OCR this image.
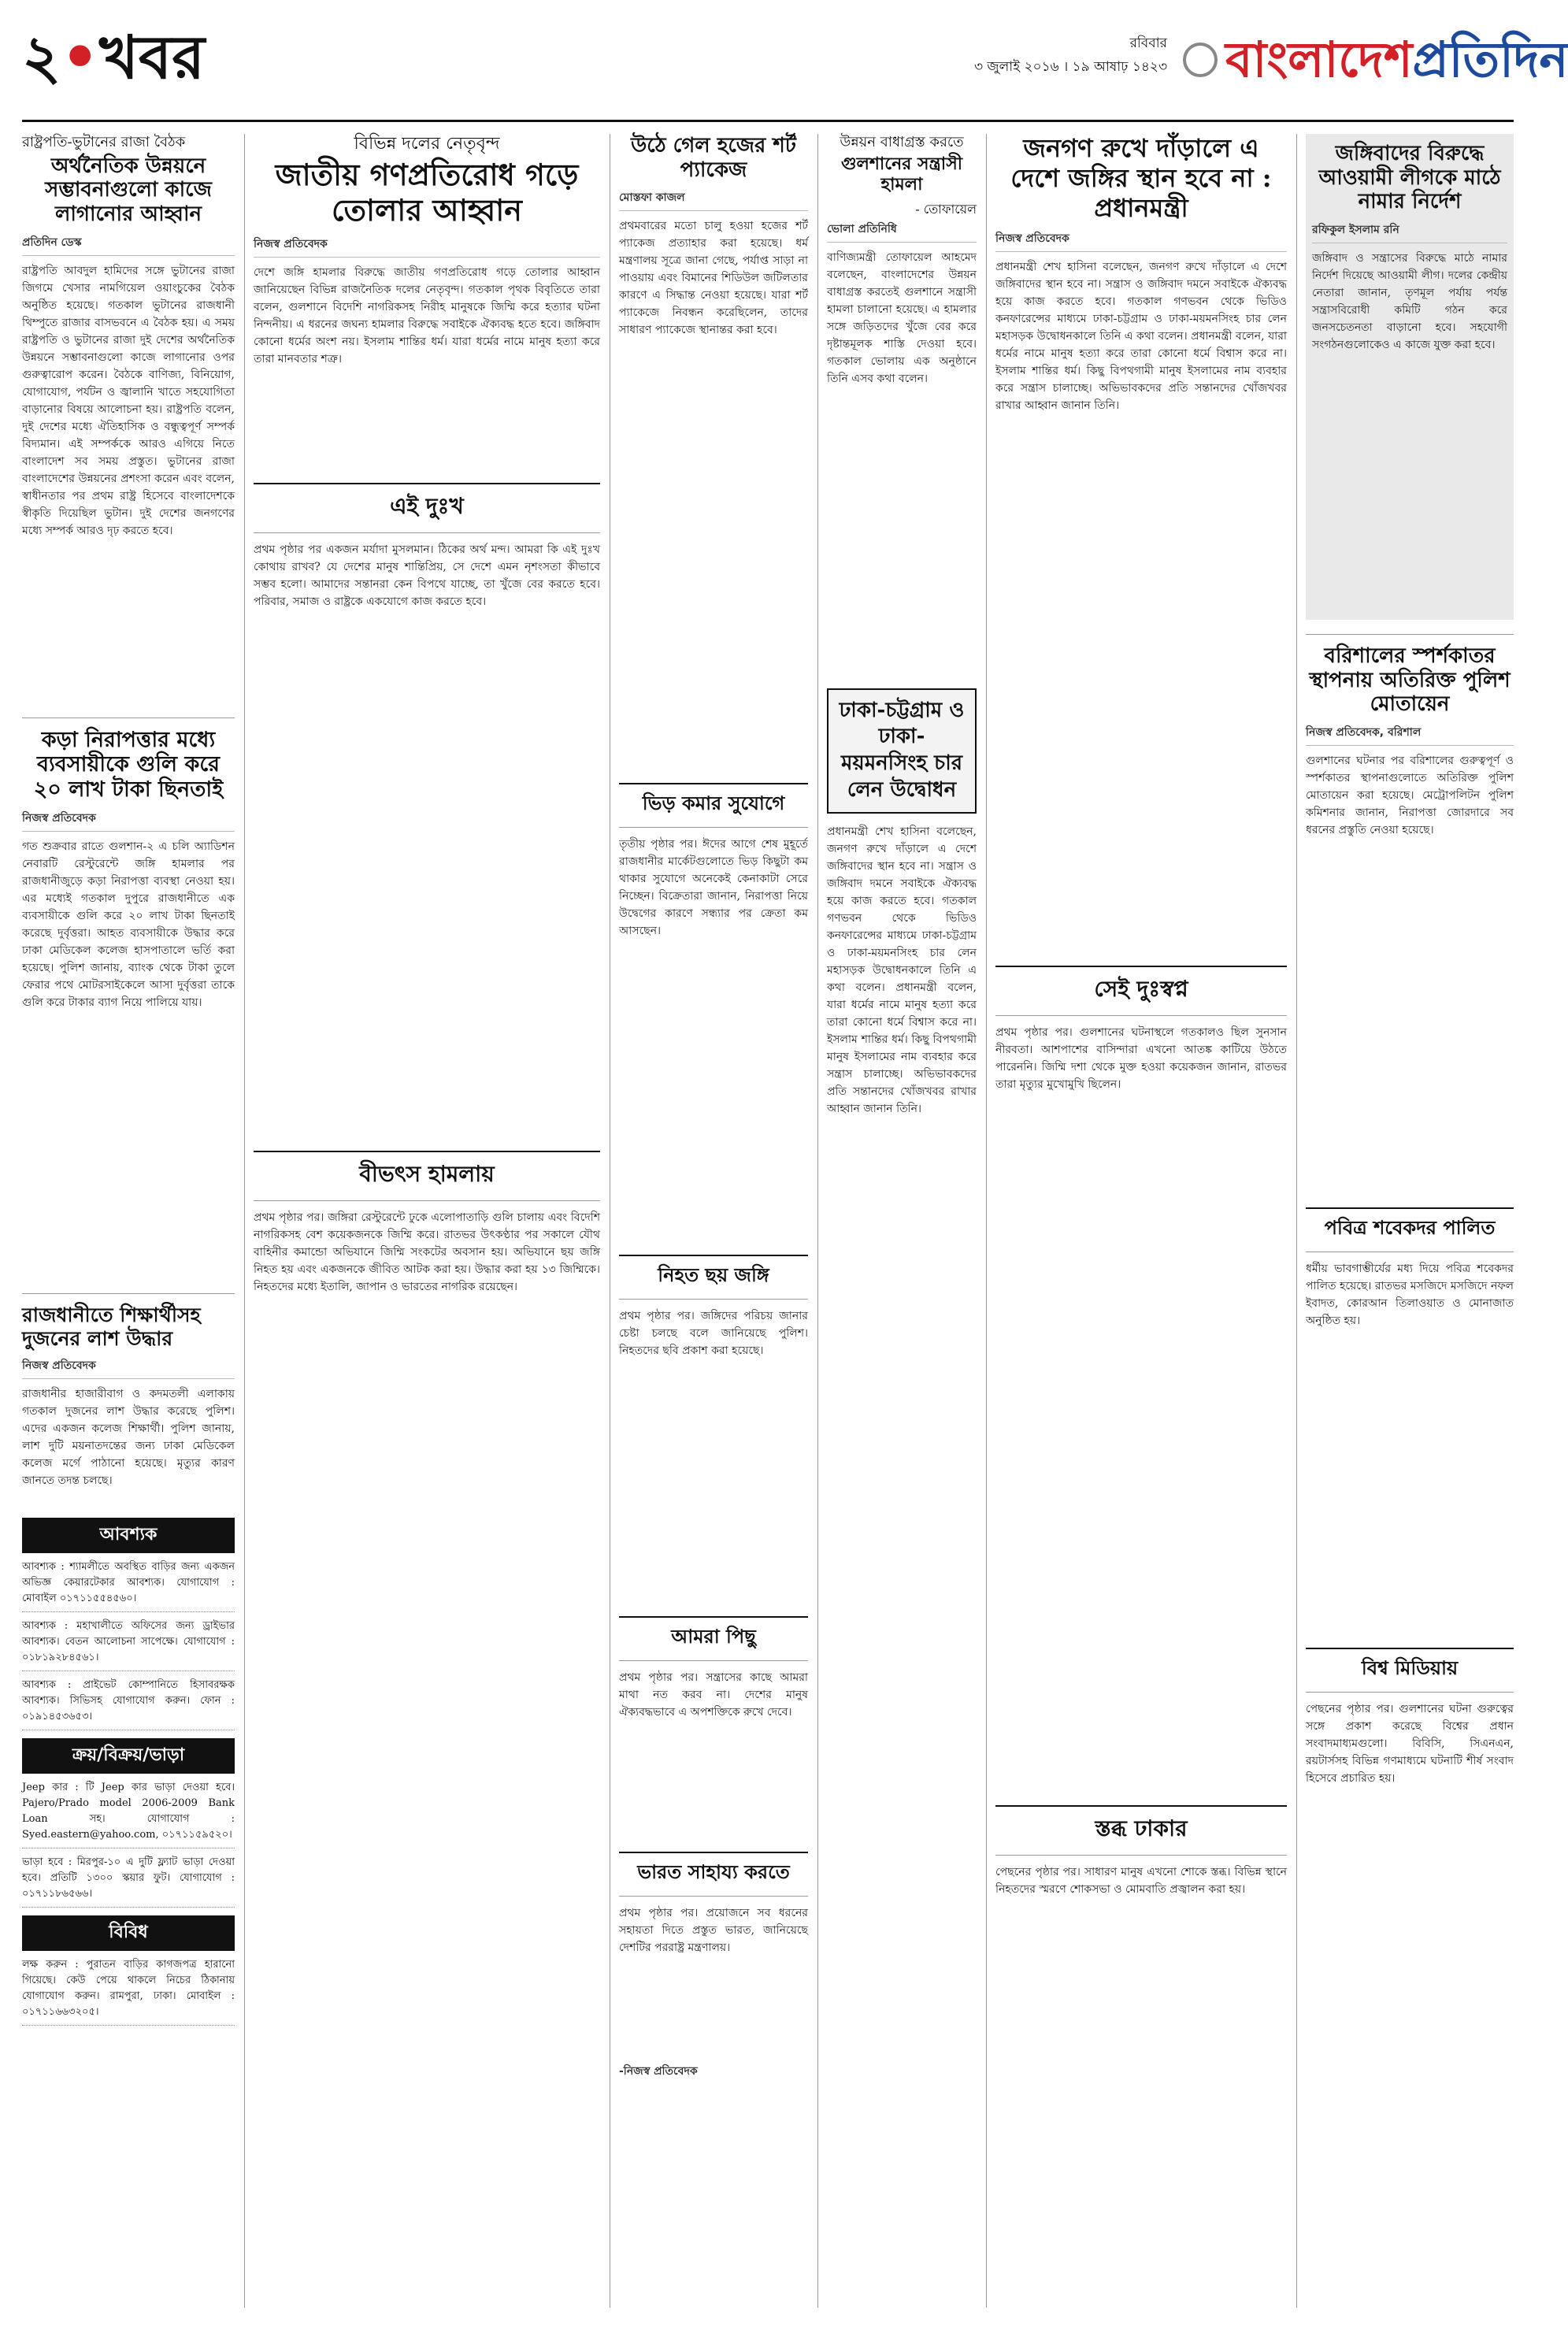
২•খবর	রবিবার
৩ জুলাই ২০১৬ । ১৯ আষাঢ় ১৪২৩ বাংলাদেশপ্রতিদিন
রাষ্ট্রপতি-ভুটানের রাজা বৈঠক
অর্থনৈতিক উন্নয়নে সম্ভাবনাগুলো কাজে লাগানোর আহ্বান
প্রতিদিন ডেস্ক
রাষ্ট্রপতি আবদুল হামিদের সঙ্গে ভুটানের রাজা জিগমে খেসার নামগিয়েল ওয়াংচুকের বৈঠক অনুষ্ঠিত হয়েছে। গতকাল ভুটানের রাজধানী থিম্পুতে রাজার বাসভবনে এ বৈঠক হয়। এ সময় রাষ্ট্রপতি ও ভুটানের রাজা দুই দেশের অর্থনৈতিক উন্নয়নে সম্ভাবনাগুলো কাজে লাগানোর ওপর গুরুত্বারোপ করেন। বৈঠকে বাণিজ্য, বিনিয়োগ, যোগাযোগ, পর্যটন ও জ্বালানি খাতে সহযোগিতা বাড়ানোর বিষয়ে আলোচনা হয়। রাষ্ট্রপতি বলেন, দুই দেশের মধ্যে ঐতিহাসিক ও বন্ধুত্বপূর্ণ সম্পর্ক বিদ্যমান। এই সম্পর্ককে আরও এগিয়ে নিতে বাংলাদেশ সব সময় প্রস্তুত। ভুটানের রাজা বাংলাদেশের উন্নয়নের প্রশংসা করেন এবং বলেন, স্বাধীনতার পর প্রথম রাষ্ট্র হিসেবে বাংলাদেশকে স্বীকৃতি দিয়েছিল ভুটান। দুই দেশের জনগণের মধ্যে সম্পর্ক আরও দৃঢ় করতে হবে।
কড়া নিরাপত্তার মধ্যে ব্যবসায়ীকে গুলি করে ২০ লাখ টাকা ছিনতাই
নিজস্ব প্রতিবেদক
গত শুক্রবার রাতে গুলশান-২ এ চলি অ্যাডিশন নেবারটি রেস্টুরেন্টে জঙ্গি হামলার পর রাজধানীজুড়ে কড়া নিরাপত্তা ব্যবস্থা নেওয়া হয়। এর মধ্যেই গতকাল দুপুরে রাজধানীতে এক ব্যবসায়ীকে গুলি করে ২০ লাখ টাকা ছিনতাই করেছে দুর্বৃত্তরা। আহত ব্যবসায়ীকে উদ্ধার করে ঢাকা মেডিকেল কলেজ হাসপাতালে ভর্তি করা হয়েছে। পুলিশ জানায়, ব্যাংক থেকে টাকা তুলে ফেরার পথে মোটরসাইকেলে আসা দুর্বৃত্তরা তাকে গুলি করে টাকার ব্যাগ নিয়ে পালিয়ে যায়।
রাজধানীতে শিক্ষার্থীসহ দুজনের লাশ উদ্ধার
নিজস্ব প্রতিবেদক
রাজধানীর হাজারীবাগ ও কদমতলী এলাকায় গতকাল দুজনের লাশ উদ্ধার করেছে পুলিশ। এদের একজন কলেজ শিক্ষার্থী। পুলিশ জানায়, লাশ দুটি ময়নাতদন্তের জন্য ঢাকা মেডিকেল কলেজ মর্গে পাঠানো হয়েছে। মৃত্যুর কারণ জানতে তদন্ত চলছে।
আবশ্যক
আবশ্যক : শ্যামলীতে অবস্থিত বাড়ির জন্য একজন অভিজ্ঞ কেয়ারটেকার আবশ্যক। যোগাযোগ : মোবাইল ০১৭১১৫৫৪৫৬০।
আবশ্যক : মহাখালীতে অফিসের জন্য ড্রাইভার আবশ্যক। বেতন আলোচনা সাপেক্ষে। যোগাযোগ : ০১৮১৯২৮৪৫৬১।
আবশ্যক : প্রাইভেট কোম্পানিতে হিসাবরক্ষক আবশ্যক। সিভিসহ যোগাযোগ করুন। ফোন : ০১৯১৪৫৩৬৫৩।
ক্রয়/বিক্রয়/ভাড়া
Jeep কার : টি Jeep কার ভাড়া দেওয়া হবে। Pajero/Prado model 2006-2009 Bank Loan সহ। যোগাযোগ : Syed.eastern@yahoo.com, ০১৭১১৫৯৫২০।
ভাড়া হবে : মিরপুর-১০ এ দুটি ফ্ল্যাট ভাড়া দেওয়া হবে। প্রতিটি ১৩০০ স্কয়ার ফুট। যোগাযোগ : ০১৭১১৮৬৫৬৬।
বিবিধ
লক্ষ করুন : পুরাতন বাড়ির কাগজপত্র হারানো গিয়েছে। কেউ পেয়ে থাকলে নিচের ঠিকানায় যোগাযোগ করুন। রামপুরা, ঢাকা। মোবাইল : ০১৭১১৬৬৩২০৫।
বিভিন্ন দলের নেতৃবৃন্দ
জাতীয় গণপ্রতিরোধ গড়ে তোলার আহ্বান
নিজস্ব প্রতিবেদক
দেশে জঙ্গি হামলার বিরুদ্ধে জাতীয় গণপ্রতিরোধ গড়ে তোলার আহ্বান জানিয়েছেন বিভিন্ন রাজনৈতিক দলের নেতৃবৃন্দ। গতকাল পৃথক বিবৃতিতে তারা বলেন, গুলশানে বিদেশি নাগরিকসহ নিরীহ মানুষকে জিম্মি করে হত্যার ঘটনা নিন্দনীয়। এ ধরনের জঘন্য হামলার বিরুদ্ধে সবাইকে ঐক্যবদ্ধ হতে হবে। জঙ্গিবাদ কোনো ধর্মের অংশ নয়। ইসলাম শান্তির ধর্ম। যারা ধর্মের নামে মানুষ হত্যা করে তারা মানবতার শত্রু।
এই দুঃখ
প্রথম পৃষ্ঠার পর একজন মর্যাদা মুসলমান। ঠিকের অর্থ মন্দ। আমরা কি এই দুঃখ কোথায় রাখব? যে দেশের মানুষ শান্তিপ্রিয়, সে দেশে এমন নৃশংসতা কীভাবে সম্ভব হলো। আমাদের সন্তানরা কেন বিপথে যাচ্ছে, তা খুঁজে বের করতে হবে। পরিবার, সমাজ ও রাষ্ট্রকে একযোগে কাজ করতে হবে।
বীভৎস হামলায়
প্রথম পৃষ্ঠার পর। জঙ্গিরা রেস্টুরেন্টে ঢুকে এলোপাতাড়ি গুলি চালায় এবং বিদেশি নাগরিকসহ বেশ কয়েকজনকে জিম্মি করে। রাতভর উৎকণ্ঠার পর সকালে যৌথ বাহিনীর কমান্ডো অভিযানে জিম্মি সংকটের অবসান হয়। অভিযানে ছয় জঙ্গি নিহত হয় এবং একজনকে জীবিত আটক করা হয়। উদ্ধার করা হয় ১৩ জিম্মিকে। নিহতদের মধ্যে ইতালি, জাপান ও ভারতের নাগরিক রয়েছেন।
উঠে গেল হজের শর্ট প্যাকেজ
মোস্তফা কাজল
প্রথমবারের মতো চালু হওয়া হজের শর্ট প্যাকেজ প্রত্যাহার করা হয়েছে। ধর্ম মন্ত্রণালয় সূত্রে জানা গেছে, পর্যাপ্ত সাড়া না পাওয়ায় এবং বিমানের শিডিউল জটিলতার কারণে এ সিদ্ধান্ত নেওয়া হয়েছে। যারা শর্ট প্যাকেজে নিবন্ধন করেছিলেন, তাদের সাধারণ প্যাকেজে স্থানান্তর করা হবে।
ভিড় কমার সুযোগে
তৃতীয় পৃষ্ঠার পর। ঈদের আগে শেষ মুহূর্তে রাজধানীর মার্কেটগুলোতে ভিড় কিছুটা কম থাকার সুযোগে অনেকেই কেনাকাটা সেরে নিচ্ছেন। বিক্রেতারা জানান, নিরাপত্তা নিয়ে উদ্বেগের কারণে সন্ধ্যার পর ক্রেতা কম আসছেন।
নিহত ছয় জঙ্গি
প্রথম পৃষ্ঠার পর। জঙ্গিদের পরিচয় জানার চেষ্টা চলছে বলে জানিয়েছে পুলিশ। নিহতদের ছবি প্রকাশ করা হয়েছে।
আমরা পিছু
প্রথম পৃষ্ঠার পর। সন্ত্রাসের কাছে আমরা মাথা নত করব না। দেশের মানুষ ঐক্যবদ্ধভাবে এ অপশক্তিকে রুখে দেবে।
ভারত সাহায্য করতে
প্রথম পৃষ্ঠার পর। প্রয়োজনে সব ধরনের সহায়তা দিতে প্রস্তুত ভারত, জানিয়েছে দেশটির পররাষ্ট্র মন্ত্রণালয়।
-নিজস্ব প্রতিবেদক
উন্নয়ন বাধাগ্রস্ত করতে
গুলশানের সন্ত্রাসী হামলা
- তোফায়েল
ভোলা প্রতিনিধি
বাণিজ্যমন্ত্রী তোফায়েল আহমেদ বলেছেন, বাংলাদেশের উন্নয়ন বাধাগ্রস্ত করতেই গুলশানে সন্ত্রাসী হামলা চালানো হয়েছে। এ হামলার সঙ্গে জড়িতদের খুঁজে বের করে দৃষ্টান্তমূলক শাস্তি দেওয়া হবে। গতকাল ভোলায় এক অনুষ্ঠানে তিনি এসব কথা বলেন।
ঢাকা-চট্টগ্রাম ও ঢাকা-ময়মনসিংহ চার লেন উদ্বোধন
প্রধানমন্ত্রী শেখ হাসিনা বলেছেন, জনগণ রুখে দাঁড়ালে এ দেশে জঙ্গিবাদের স্থান হবে না। সন্ত্রাস ও জঙ্গিবাদ দমনে সবাইকে ঐক্যবদ্ধ হয়ে কাজ করতে হবে। গতকাল গণভবন থেকে ভিডিও কনফারেন্সের মাধ্যমে ঢাকা-চট্টগ্রাম ও ঢাকা-ময়মনসিংহ চার লেন মহাসড়ক উদ্বোধনকালে তিনি এ কথা বলেন। প্রধানমন্ত্রী বলেন, যারা ধর্মের নামে মানুষ হত্যা করে তারা কোনো ধর্মে বিশ্বাস করে না। ইসলাম শান্তির ধর্ম। কিছু বিপথগামী মানুষ ইসলামের নাম ব্যবহার করে সন্ত্রাস চালাচ্ছে। অভিভাবকদের প্রতি সন্তানদের খোঁজখবর রাখার আহ্বান জানান তিনি।
জনগণ রুখে দাঁড়ালে এ দেশে জঙ্গির স্থান হবে না : প্রধানমন্ত্রী
নিজস্ব প্রতিবেদক
প্রধানমন্ত্রী শেখ হাসিনা বলেছেন, জনগণ রুখে দাঁড়ালে এ দেশে জঙ্গিবাদের স্থান হবে না। সন্ত্রাস ও জঙ্গিবাদ দমনে সবাইকে ঐক্যবদ্ধ হয়ে কাজ করতে হবে। গতকাল গণভবন থেকে ভিডিও কনফারেন্সের মাধ্যমে ঢাকা-চট্টগ্রাম ও ঢাকা-ময়মনসিংহ চার লেন মহাসড়ক উদ্বোধনকালে তিনি এ কথা বলেন। প্রধানমন্ত্রী বলেন, যারা ধর্মের নামে মানুষ হত্যা করে তারা কোনো ধর্মে বিশ্বাস করে না। ইসলাম শান্তির ধর্ম। কিছু বিপথগামী মানুষ ইসলামের নাম ব্যবহার করে সন্ত্রাস চালাচ্ছে। অভিভাবকদের প্রতি সন্তানদের খোঁজখবর রাখার আহ্বান জানান তিনি।
সেই দুঃস্বপ্ন
প্রথম পৃষ্ঠার পর। গুলশানের ঘটনাস্থলে গতকালও ছিল সুনসান নীরবতা। আশপাশের বাসিন্দারা এখনো আতঙ্ক কাটিয়ে উঠতে পারেননি। জিম্মি দশা থেকে মুক্ত হওয়া কয়েকজন জানান, রাতভর তারা মৃত্যুর মুখোমুখি ছিলেন।
স্তব্ধ ঢাকার
পেছনের পৃষ্ঠার পর। সাধারণ মানুষ এখনো শোকে স্তব্ধ। বিভিন্ন স্থানে নিহতদের স্মরণে শোকসভা ও মোমবাতি প্রজ্বালন করা হয়।
জঙ্গিবাদের বিরুদ্ধে আওয়ামী লীগকে মাঠে নামার নির্দেশ
রফিকুল ইসলাম রনি
জঙ্গিবাদ ও সন্ত্রাসের বিরুদ্ধে মাঠে নামার নির্দেশ দিয়েছে আওয়ামী লীগ। দলের কেন্দ্রীয় নেতারা জানান, তৃণমূল পর্যায় পর্যন্ত সন্ত্রাসবিরোধী কমিটি গঠন করে জনসচেতনতা বাড়ানো হবে। সহযোগী সংগঠনগুলোকেও এ কাজে যুক্ত করা হবে।
বরিশালের স্পর্শকাতর স্থাপনায় অতিরিক্ত পুলিশ মোতায়েন
নিজস্ব প্রতিবেদক, বরিশাল
গুলশানের ঘটনার পর বরিশালের গুরুত্বপূর্ণ ও স্পর্শকাতর স্থাপনাগুলোতে অতিরিক্ত পুলিশ মোতায়েন করা হয়েছে। মেট্রোপলিটন পুলিশ কমিশনার জানান, নিরাপত্তা জোরদারে সব ধরনের প্রস্তুতি নেওয়া হয়েছে।
পবিত্র শবেকদর পালিত
ধর্মীয় ভাবগাম্ভীর্যের মধ্য দিয়ে পবিত্র শবেকদর পালিত হয়েছে। রাতভর মসজিদে মসজিদে নফল ইবাদত, কোরআন তিলাওয়াত ও মোনাজাত অনুষ্ঠিত হয়।
বিশ্ব মিডিয়ায়
পেছনের পৃষ্ঠার পর। গুলশানের ঘটনা গুরুত্বের সঙ্গে প্রকাশ করেছে বিশ্বের প্রধান সংবাদমাধ্যমগুলো। বিবিসি, সিএনএন, রয়টার্সসহ বিভিন্ন গণমাধ্যমে ঘটনাটি শীর্ষ সংবাদ হিসেবে প্রচারিত হয়।
